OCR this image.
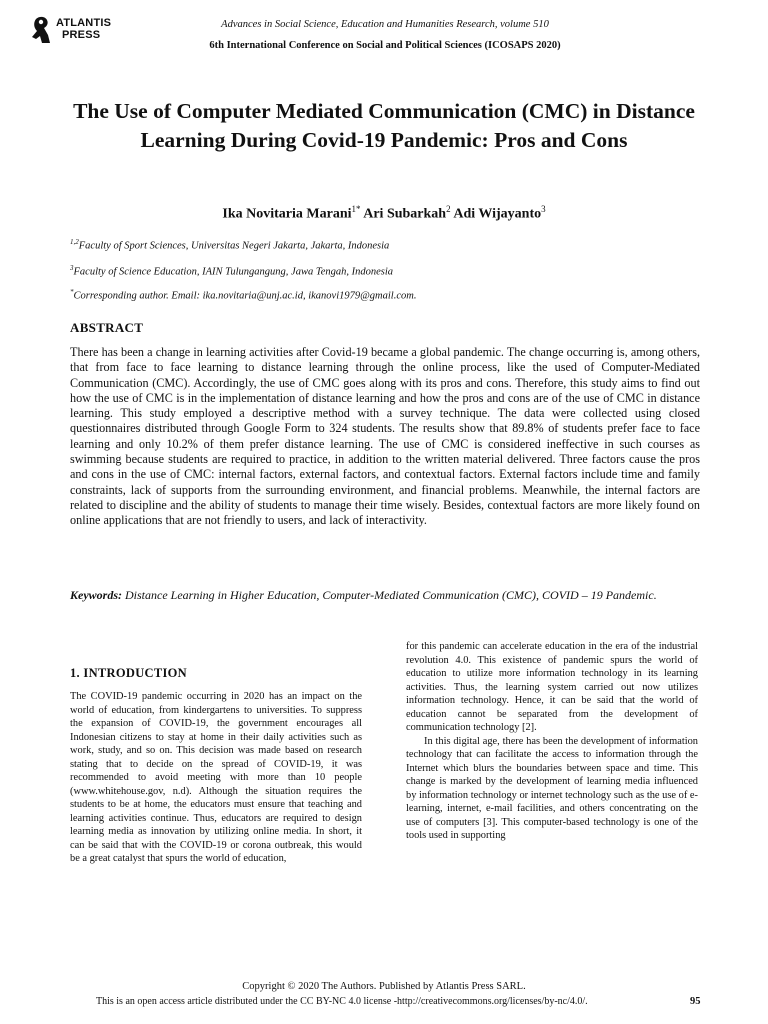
ATLANTIS
PRESS
Advances in Social Science, Education and Humanities Research, volume 510
6th International Conference on Social and Political Sciences (ICOSAPS 2020)
The Use of Computer Mediated Communication (CMC) in Distance Learning During Covid-19 Pandemic: Pros and Cons
Ika Novitaria Marani$^{1*}$ Ari Subarkah$^2$ Adi Wijayanto$^3$
$^{1,2}$Faculty of Sport Sciences, Universitas Negeri Jakarta, Jakarta, Indonesia
$^3$Faculty of Science Education, IAIN Tulungangung, Jawa Tengah, Indonesia
*Corresponding author. Email: ika.novitaria@unj.ac.id, ikanovi1979@gmail.com.
ABSTRACT

There has been a change in learning activities after Covid-19 became a global pandemic. The change occurring is, among others, that from face to face learning to distance learning through the online process, like the used of Computer-Mediated Communication (CMC). Accordingly, the use of CMC goes along with its pros and cons. Therefore, this study aims to find out how the use of CMC is in the implementation of distance learning and how the pros and cons are of the use of CMC in distance learning. This study employed a descriptive method with a survey technique. The data were collected using closed questionnaires distributed through Google Form to 324 students. The results show that 89.8% of students prefer face to face learning and only 10.2% of them prefer distance learning. The use of CMC is considered ineffective in such courses as swimming because students are required to practice, in addition to the written material delivered. Three factors cause the pros and cons in the use of CMC: internal factors, external factors, and contextual factors. External factors include time and family constraints, lack of supports from the surrounding environment, and financial problems. Meanwhile, the internal factors are related to discipline and the ability of students to manage their time wisely. Besides, contextual factors are more likely found on online applications that are not friendly to users, and lack of interactivity.

Keywords: Distance Learning in Higher Education, Computer-Mediated Communication (CMC), COVID – 19 Pandemic.

1. INTRODUCTION

The COVID-19 pandemic occurring in 2020 has an impact on the world of education, from kindergartens to universities. To suppress the expansion of COVID-19, the government encourages all Indonesian citizens to stay at home in their daily activities such as work, study, and so on. This decision was made based on research stating that to decide on the spread of COVID-19, it was recommended to avoid meeting with more than 10 people (www.whitehouse.gov, n.d). Although the situation requires the students to be at home, the educators must ensure that teaching and learning activities continue. Thus, educators are required to design learning media as innovation by utilizing online media. In short, it can be said that with the COVID-19 or corona outbreak, this would be a great catalyst that spurs the world of education,

for this pandemic can accelerate education in the era of the industrial revolution 4.0. This existence of pandemic spurs the world of education to utilize more information technology in its learning activities. Thus, the learning system carried out now utilizes information technology. Hence, it can be said that the world of education cannot be separated from the development of communication technology [2].

In this digital age, there has been the development of information technology that can facilitate the access to information through the Internet which blurs the boundaries between space and time. This change is marked by the development of learning media influenced by information technology or internet technology such as the use of e-learning, internet, e-mail facilities, and others concentrating on the use of computers [3]. This computer-based technology is one of the tools used in supporting

Copyright © 2020 The Authors. Published by Atlantis Press SARL.
This is an open access article distributed under the CC BY-NC 4.0 license -http://creativecommons.org/licenses/by-nc/4.0/.	95
